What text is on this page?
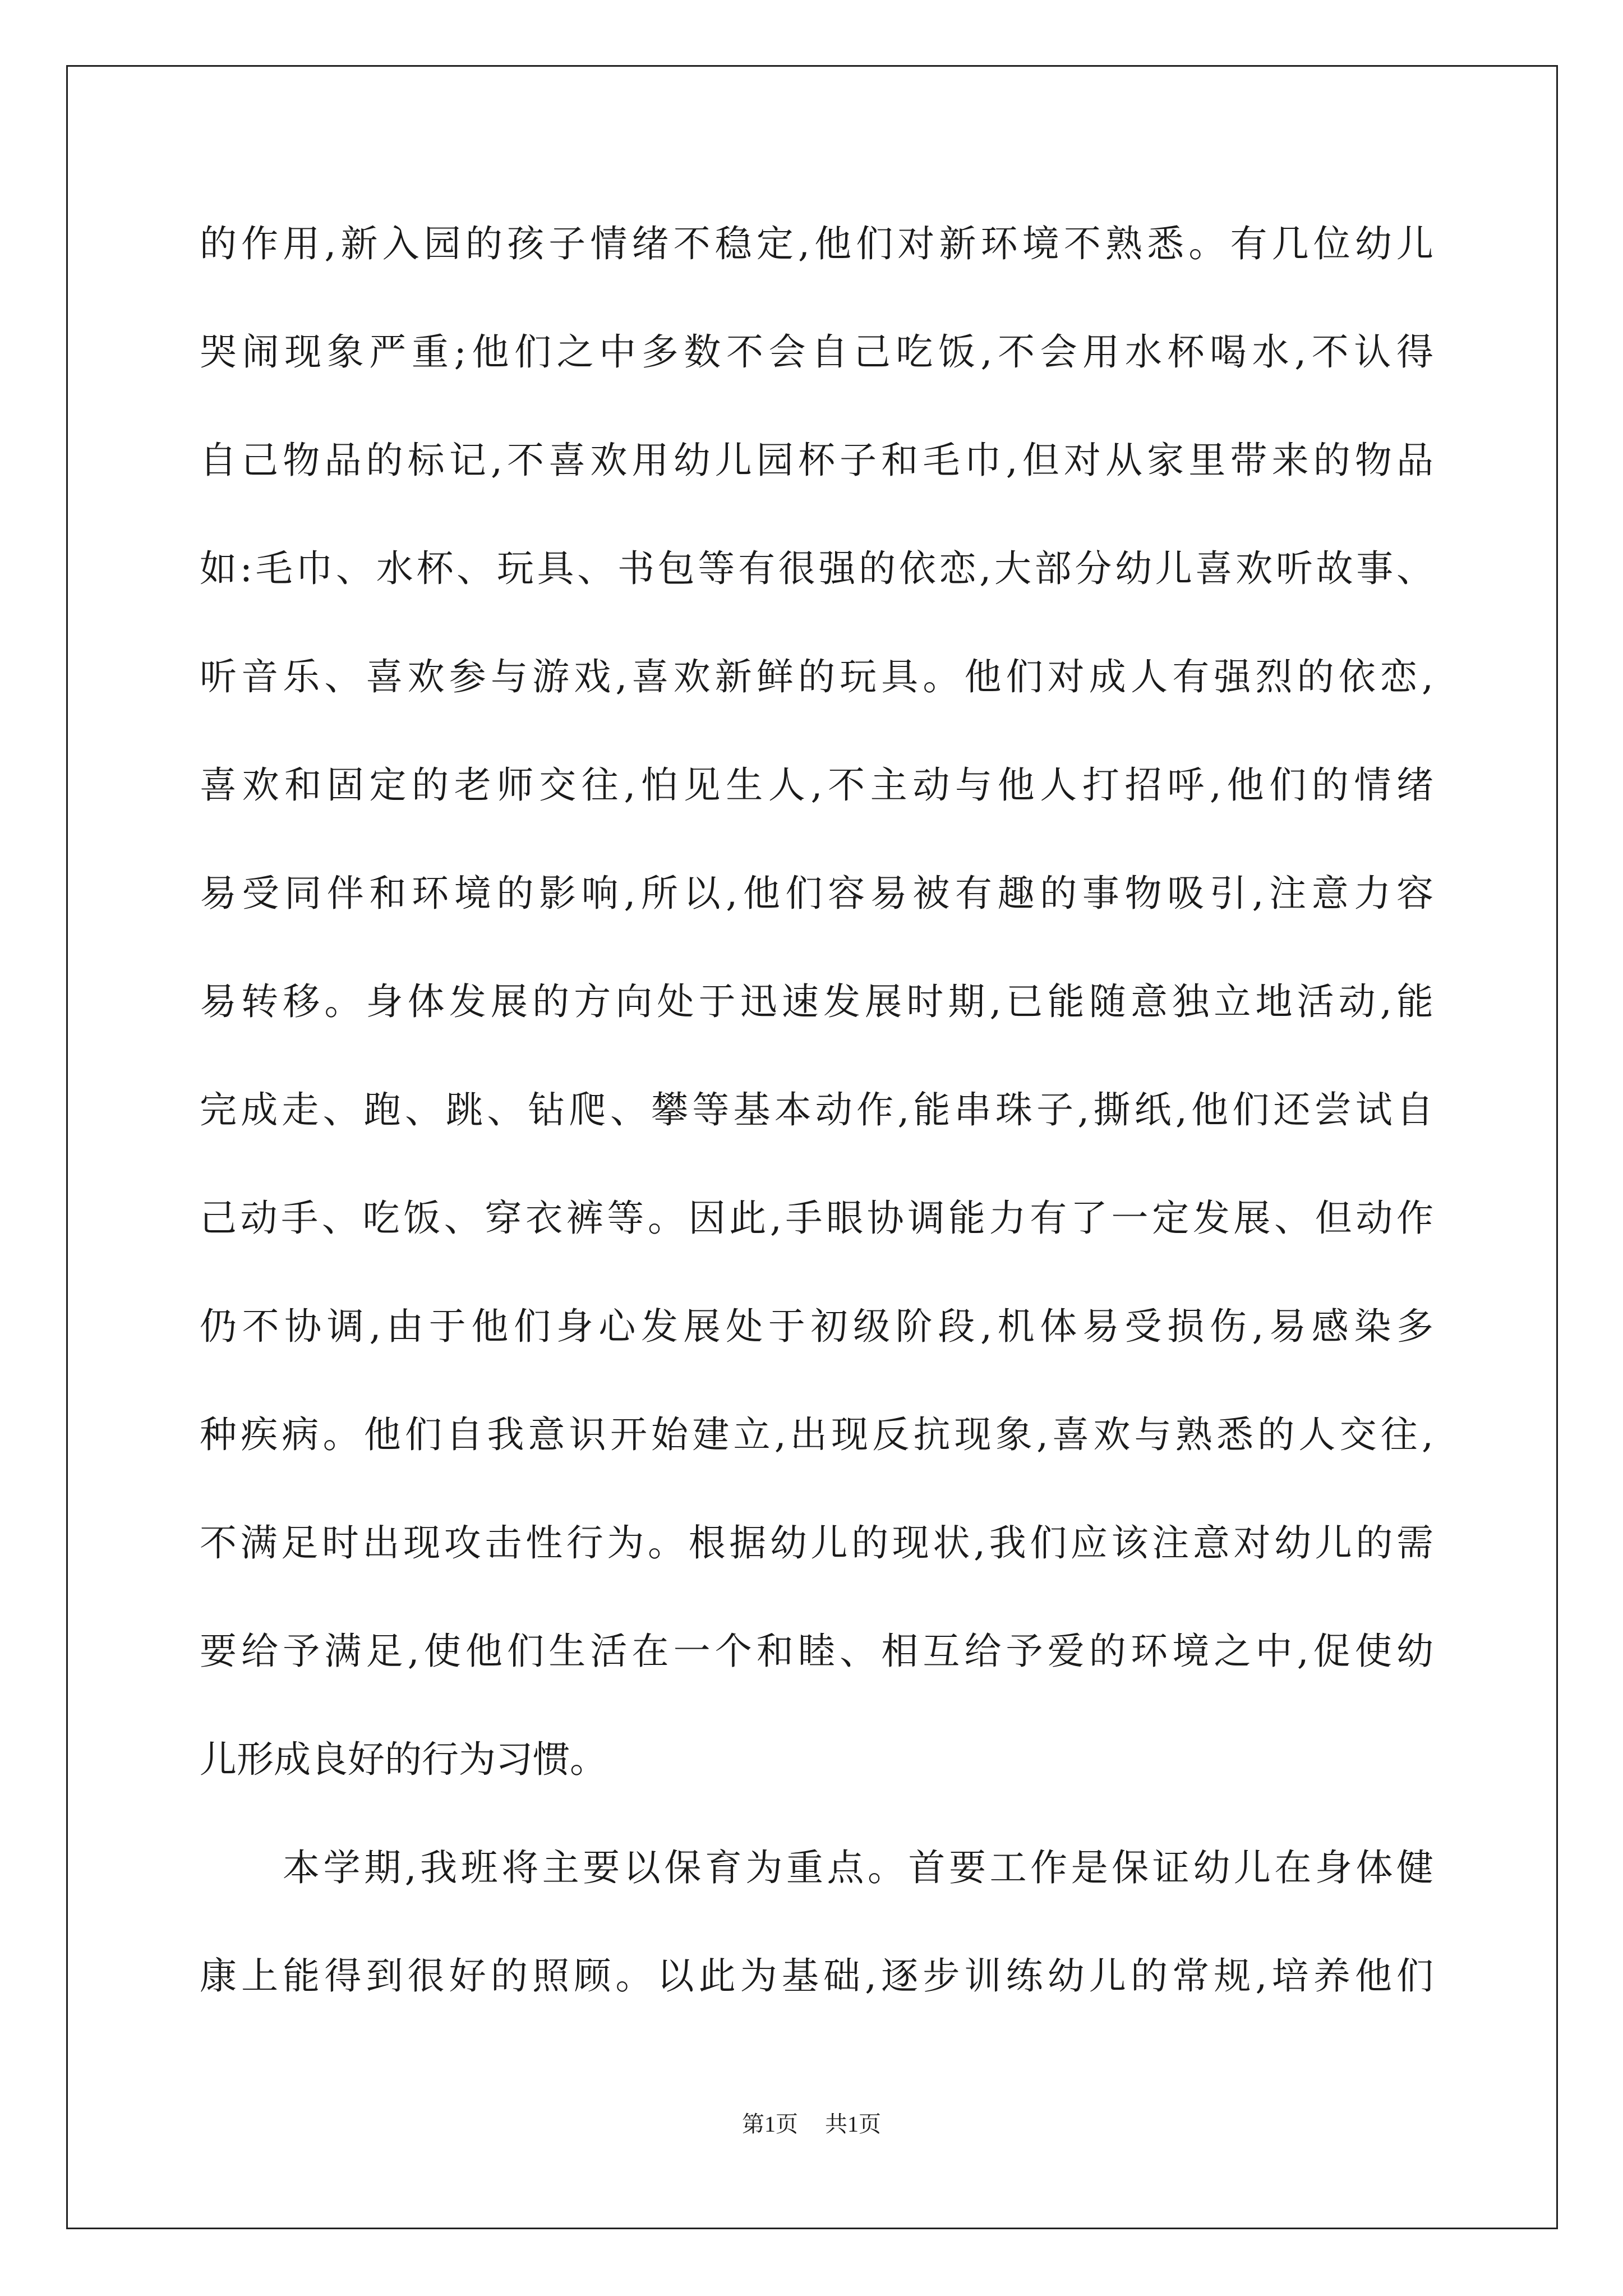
的作用,新入园的孩子情绪不稳定,他们对新环境不熟悉。有几位幼儿
哭闹现象严重;他们之中多数不会自己吃饭,不会用水杯喝水,不认得
自己物品的标记,不喜欢用幼儿园杯子和毛巾,但对从家里带来的物品
如:毛巾、水杯、玩具、书包等有很强的依恋,大部分幼儿喜欢听故事、
听音乐、喜欢参与游戏,喜欢新鲜的玩具。他们对成人有强烈的依恋,
喜欢和固定的老师交往,怕见生人,不主动与他人打招呼,他们的情绪
易受同伴和环境的影响,所以,他们容易被有趣的事物吸引,注意力容
易转移。身体发展的方向处于迅速发展时期,已能随意独立地活动,能
完成走、跑、跳、钻爬、攀等基本动作,能串珠子,撕纸,他们还尝试自
己动手、吃饭、穿衣裤等。因此,手眼协调能力有了一定发展、但动作
仍不协调,由于他们身心发展处于初级阶段,机体易受损伤,易感染多
种疾病。他们自我意识开始建立,出现反抗现象,喜欢与熟悉的人交往,
不满足时出现攻击性行为。根据幼儿的现状,我们应该注意对幼儿的需
要给予满足,使他们生活在一个和睦、相互给予爱的环境之中,促使幼
儿形成良好的行为习惯。
本学期,我班将主要以保育为重点。首要工作是保证幼儿在身体健
康上能得到很好的照顾。以此为基础,逐步训练幼儿的常规,培养他们
第1页 共1页
